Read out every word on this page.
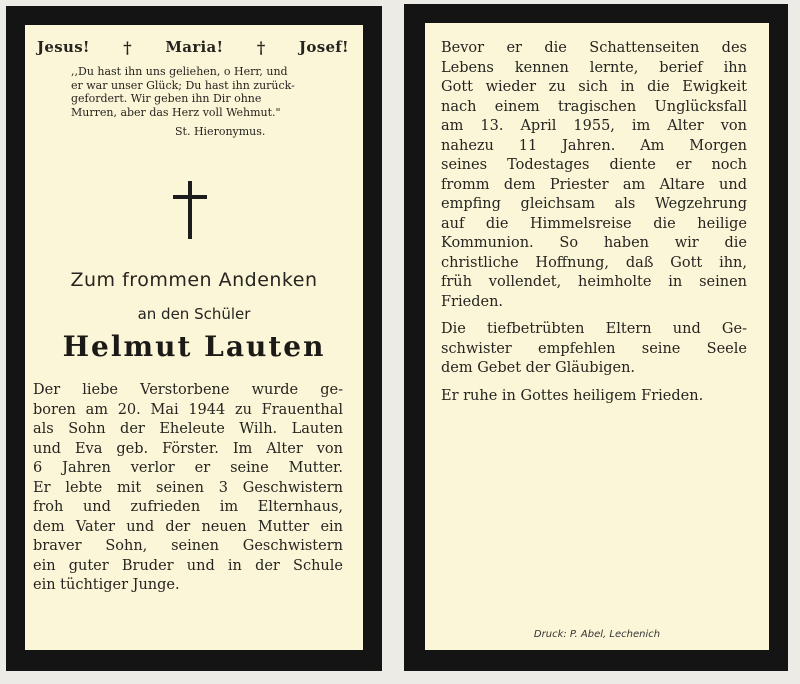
Jesus! † Maria! † Josef!
,,Du hast ihn uns geliehen, o Herr, und
er war unser Glück; Du hast ihn zurück-
gefordert. Wir geben ihn Dir ohne
Murren, aber das Herz voll Wehmut."
St. Hieronymus.
Zum frommen Andenken
an den Schüler
Helmut Lauten
Der liebe Verstorbene wurde ge-
boren am 20. Mai 1944 zu Frauenthal
als Sohn der Eheleute Wilh. Lauten
und Eva geb. Förster. Im Alter von
6 Jahren verlor er seine Mutter.
Er lebte mit seinen 3 Geschwistern
froh und zufrieden im Elternhaus,
dem Vater und der neuen Mutter ein
braver Sohn, seinen Geschwistern
ein guter Bruder und in der Schule
ein tüchtiger Junge.
Bevor er die Schattenseiten des
Lebens kennen lernte, berief ihn
Gott wieder zu sich in die Ewigkeit
nach einem tragischen Unglücksfall
am 13. April 1955, im Alter von
nahezu 11 Jahren. Am Morgen
seines Todestages diente er noch
fromm dem Priester am Altare und
empfing gleichsam als Wegzehrung
auf die Himmelsreise die heilige
Kommunion. So haben wir die
christliche Hoffnung, daß Gott ihn,
früh vollendet, heimholte in seinen
Frieden.
Die tiefbetrübten Eltern und Ge-
schwister empfehlen seine Seele
dem Gebet der Gläubigen.
Er ruhe in Gottes heiligem Frieden.
Druck: P. Abel, Lechenich
